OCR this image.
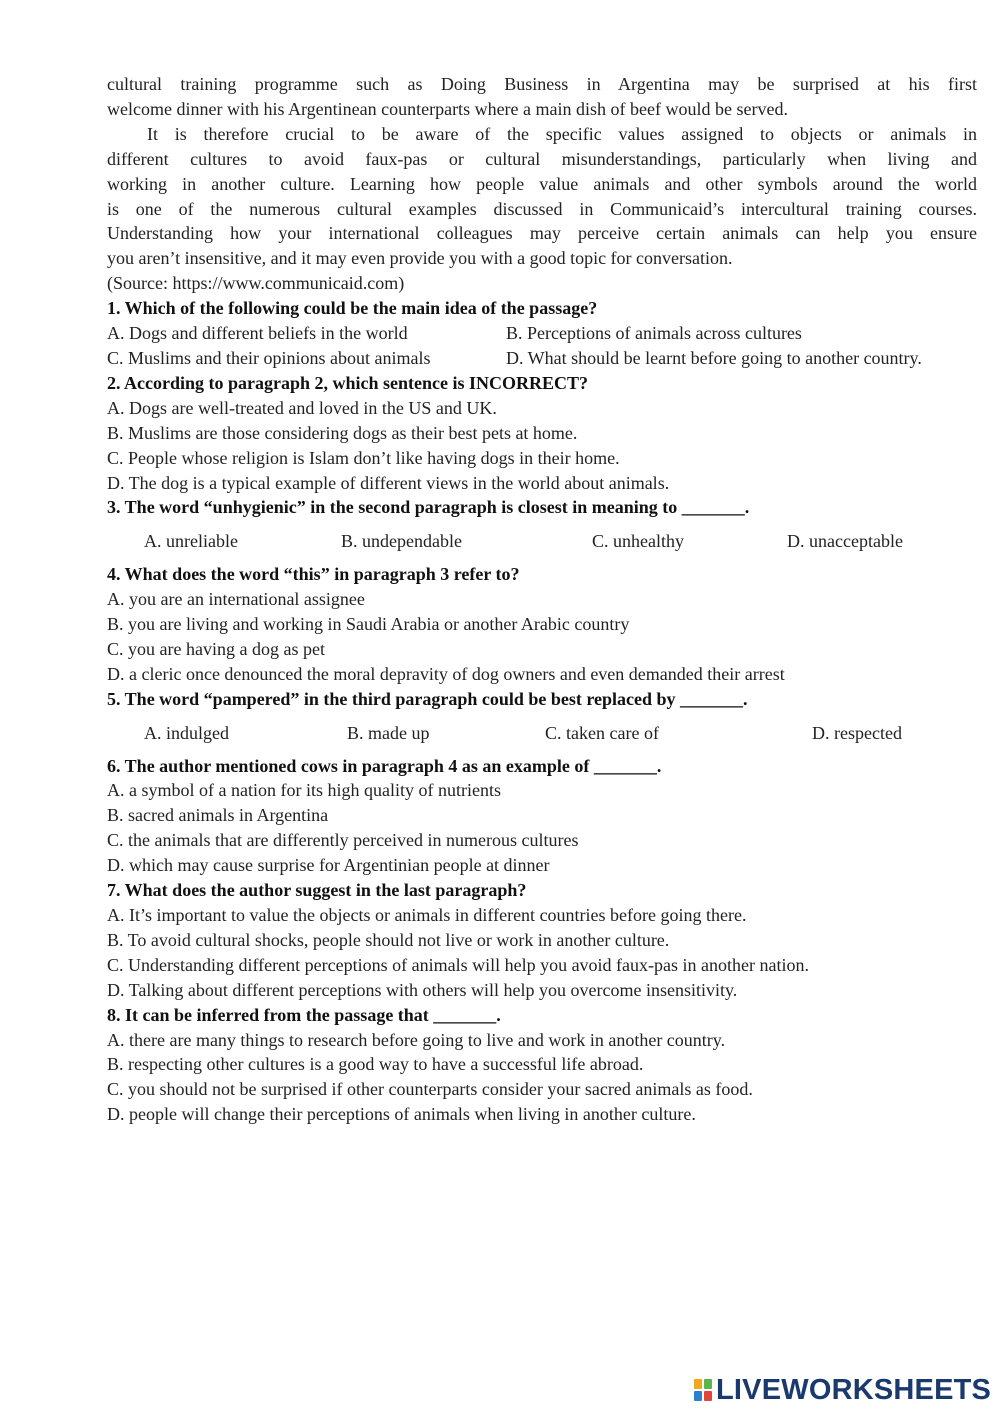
cultural training programme such as Doing Business in Argentina may be surprised at his first
welcome dinner with his Argentinean counterparts where a main dish of beef would be served.
It is therefore crucial to be aware of the specific values assigned to objects or animals in
different cultures to avoid faux-pas or cultural misunderstandings, particularly when living and
working in another culture. Learning how people value animals and other symbols around the world
is one of the numerous cultural examples discussed in Communicaid’s intercultural training courses.
Understanding how your international colleagues may perceive certain animals can help you ensure
you aren’t insensitive, and it may even provide you with a good topic for conversation.

(Source: https://www.communicaid.com)

1. Which of the following could be the main idea of the passage?

A. Dogs and different beliefs in the world	B. Perceptions of animals across cultures

C. Muslims and their opinions about animals	D. What should be learnt before going to another country.

2. According to paragraph 2, which sentence is INCORRECT?

A. Dogs are well-treated and loved in the US and UK.

B. Muslims are those considering dogs as their best pets at home.

C. People whose religion is Islam don’t like having dogs in their home.

D. The dog is a typical example of different views in the world about animals.

3. The word “unhygienic” in the second paragraph is closest in meaning to _______.

A. unreliable	B. undependable	C. unhealthy	D. unacceptable

4. What does the word “this” in paragraph 3 refer to?

A. you are an international assignee

B. you are living and working in Saudi Arabia or another Arabic country

C. you are having a dog as pet

D. a cleric once denounced the moral depravity of dog owners and even demanded their arrest

5. The word “pampered” in the third paragraph could be best replaced by _______.

A. indulged	B. made up	C. taken care of	D. respected

6. The author mentioned cows in paragraph 4 as an example of _______.

A. a symbol of a nation for its high quality of nutrients

B. sacred animals in Argentina

C. the animals that are differently perceived in numerous cultures

D. which may cause surprise for Argentinian people at dinner

7. What does the author suggest in the last paragraph?

A. It’s important to value the objects or animals in different countries before going there.

B. To avoid cultural shocks, people should not live or work in another culture.

C. Understanding different perceptions of animals will help you avoid faux-pas in another nation.

D. Talking about different perceptions with others will help you overcome insensitivity.

8. It can be inferred from the passage that _______.

A. there are many things to research before going to live and work in another country.

B. respecting other cultures is a good way to have a successful life abroad.

C. you should not be surprised if other counterparts consider your sacred animals as food.

D. people will change their perceptions of animals when living in another culture.

LIVEWORKSHEETS
